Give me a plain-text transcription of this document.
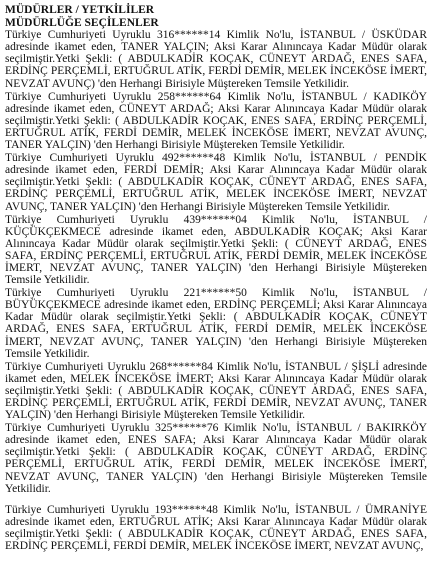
MÜDÜRLER / YETKİLİLER
MÜDÜRLÜĞE SEÇİLENLER
Türkiye Cumhuriyeti Uyruklu 316******14 Kimlik No'lu, İSTANBUL / ÜSKÜDAR adresinde ikamet eden, TANER YALÇIN; Aksi Karar Alınıncaya Kadar Müdür olarak seçilmiştir.Yetki Şekli: ( ABDULKADİR KOÇAK, CÜNEYT ARDAĞ, ENES SAFA, ERDİNÇ PERÇEMLİ, ERTUĞRUL ATİK, FERDİ DEMİR, MELEK İNCEKÖSE İMERT, NEVZAT AVUNÇ) 'den Herhangi Birisiyle Müştereken Temsile Yetkilidir.
Türkiye Cumhuriyeti Uyruklu 258******64 Kimlik No'lu, İSTANBUL / KADIKÖY adresinde ikamet eden, CÜNEYT ARDAĞ; Aksi Karar Alınıncaya Kadar Müdür olarak seçilmiştir.Yetki Şekli: ( ABDULKADİR KOÇAK, ENES SAFA, ERDİNÇ PERÇEMLİ, ERTUĞRUL ATİK, FERDİ DEMİR, MELEK İNCEKÖSE İMERT, NEVZAT AVUNÇ, TANER YALÇIN) 'den Herhangi Birisiyle Müştereken Temsile Yetkilidir.
Türkiye Cumhuriyeti Uyruklu 492******48 Kimlik No'lu, İSTANBUL / PENDİK adresinde ikamet eden, FERDİ DEMİR; Aksi Karar Alınıncaya Kadar Müdür olarak seçilmiştir.Yetki Şekli: ( ABDULKADİR KOÇAK, CÜNEYT ARDAĞ, ENES SAFA, ERDİNÇ PERÇEMLİ, ERTUĞRUL ATİK, MELEK İNCEKÖSE İMERT, NEVZAT AVUNÇ, TANER YALÇIN) 'den Herhangi Birisiyle Müştereken Temsile Yetkilidir.
Türkiye Cumhuriyeti Uyruklu 439******04 Kimlik No'lu, İSTANBUL / KÜÇÜKÇEKMECE adresinde ikamet eden, ABDULKADİR KOÇAK; Aksi Karar Alınıncaya Kadar Müdür olarak seçilmiştir.Yetki Şekli: ( CÜNEYT ARDAĞ, ENES SAFA, ERDİNÇ PERÇEMLİ, ERTUĞRUL ATİK, FERDİ DEMİR, MELEK İNCEKÖSE İMERT, NEVZAT AVUNÇ, TANER YALÇIN) 'den Herhangi Birisiyle Müştereken Temsile Yetkilidir.
Türkiye Cumhuriyeti Uyruklu 221******50 Kimlik No'lu, İSTANBUL / BÜYÜKÇEKMECE adresinde ikamet eden, ERDİNÇ PERÇEMLİ; Aksi Karar Alınıncaya Kadar Müdür olarak seçilmiştir.Yetki Şekli: ( ABDULKADİR KOÇAK, CÜNEYT ARDAĞ, ENES SAFA, ERTUĞRUL ATİK, FERDİ DEMİR, MELEK İNCEKÖSE İMERT, NEVZAT AVUNÇ, TANER YALÇIN) 'den Herhangi Birisiyle Müştereken Temsile Yetkilidir.
Türkiye Cumhuriyeti Uyruklu 268******84 Kimlik No'lu, İSTANBUL / ŞİŞLİ adresinde ikamet eden, MELEK İNCEKÖSE İMERT; Aksi Karar Alınıncaya Kadar Müdür olarak seçilmiştir.Yetki Şekli: ( ABDULKADİR KOÇAK, CÜNEYT ARDAĞ, ENES SAFA, ERDİNÇ PERÇEMLİ, ERTUĞRUL ATİK, FERDİ DEMİR, NEVZAT AVUNÇ, TANER YALÇIN) 'den Herhangi Birisiyle Müştereken Temsile Yetkilidir.
Türkiye Cumhuriyeti Uyruklu 325******76 Kimlik No'lu, İSTANBUL / BAKIRKÖY adresinde ikamet eden, ENES SAFA; Aksi Karar Alınıncaya Kadar Müdür olarak seçilmiştir.Yetki Şekli: ( ABDULKADİR KOÇAK, CÜNEYT ARDAĞ, ERDİNÇ PERÇEMLİ, ERTUĞRUL ATİK, FERDİ DEMİR, MELEK İNCEKÖSE İMERT, NEVZAT AVUNÇ, TANER YALÇIN) 'den Herhangi Birisiyle Müştereken Temsile Yetkilidir.
Türkiye Cumhuriyeti Uyruklu 193******48 Kimlik No'lu, İSTANBUL / ÜMRANİYE adresinde ikamet eden, ERTUĞRUL ATİK; Aksi Karar Alınıncaya Kadar Müdür olarak seçilmiştir.Yetki Şekli: ( ABDULKADİR KOÇAK, CÜNEYT ARDAĞ, ENES SAFA, ERDİNÇ PERÇEMLİ, FERDİ DEMİR, MELEK İNCEKÖSE İMERT, NEVZAT AVUNÇ,
